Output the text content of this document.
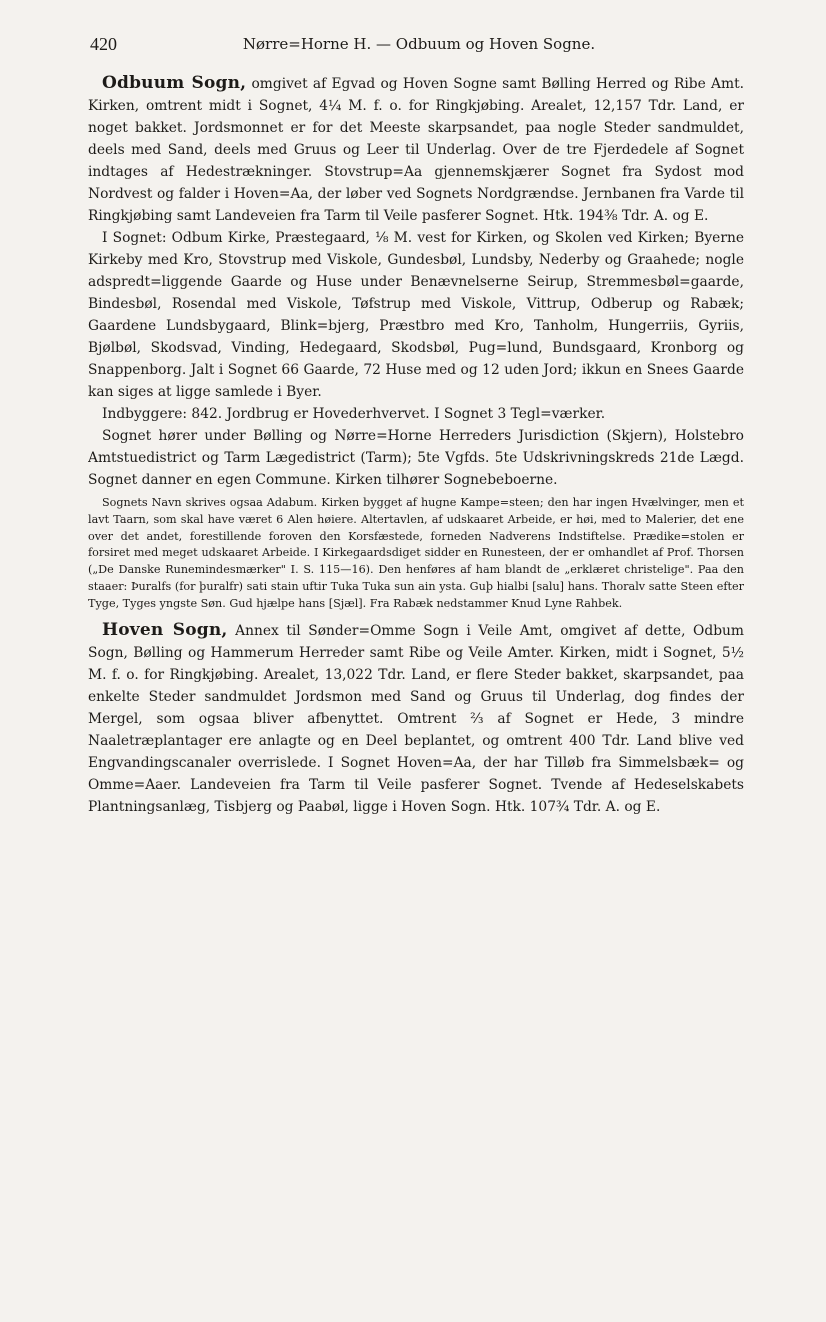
420	Nørre=Horne H. — Odbuum og Hoven Sogne.

Odbuum Sogn, omgivet af Egvad og Hoven Sogne samt Bølling Herred og Ribe Amt. Kirken, omtrent midt i Sognet, 4¼ M. f. o. for Ringkjøbing. Arealet, 12,157 Tdr. Land, er noget bakket. Jordsmonnet er for det Meeste skarpsandet, paa nogle Steder sandmuldet, deels med Sand, deels med Gruus og Leer til Underlag. Over de tre Fjerdedele af Sognet indtages af Hedestrækninger. Stovstrup=Aa gjennemskjærer Sognet fra Sydost mod Nordvest og falder i Hoven=Aa, der løber ved Sognets Nordgrændse. Jernbanen fra Varde til Ringkjøbing samt Landeveien fra Tarm til Veile pasferer Sognet. Htk. 194⅜ Tdr. A. og E.

I Sognet: Odbum Kirke, Præstegaard, ⅛ M. vest for Kirken, og Skolen ved Kirken; Byerne Kirkeby med Kro, Stovstrup med Viskole, Gundesbøl, Lundsby, Nederby og Graahede; nogle adspredt=liggende Gaarde og Huse under Benævnelserne Seirup, Stremmesbøl=gaarde, Bindesbøl, Rosendal med Viskole, Tøfstrup med Viskole, Vittrup, Odberup og Rabæk; Gaardene Lundsbygaard, Blink=bjerg, Præstbro med Kro, Tanholm, Hungerriis, Gyriis, Bjølbøl, Skodsvad, Vinding, Hedegaard, Skodsbøl, Pug=lund, Bundsgaard, Kronborg og Snappenborg. Jalt i Sognet 66 Gaarde, 72 Huse med og 12 uden Jord; ikkun en Snees Gaarde kan siges at ligge samlede i Byer.

Indbyggere: 842. Jordbrug er Hovederhvervet. I Sognet 3 Tegl=værker.

Sognet hører under Bølling og Nørre=Horne Herreders Jurisdiction (Skjern), Holstebro Amtstuedistrict og Tarm Lægedistrict (Tarm); 5te Vgfds. 5te Udskrivningskreds 21de Lægd. Sognet danner en egen Commune. Kirken tilhører Sognebeboerne.

Sognets Navn skrives ogsaa Adabum. Kirken bygget af hugne Kampe=steen; den har ingen Hvælvinger, men et lavt Taarn, som skal have været 6 Alen høiere. Altertavlen, af udskaaret Arbeide, er høi, med to Malerier, det ene over det andet, forestillende foroven den Korsfæstede, forneden Nadverens Indstiftelse. Prædike=stolen er forsiret med meget udskaaret Arbeide. I Kirkegaardsdiget sidder en Runesteen, der er omhandlet af Prof. Thorsen („De Danske Runemindesmærker" I. S. 115—16). Den henføres af ham blandt de „erklæret christelige". Paa den staaer: Þuralfs (for þuralfr) sati stain uftir Tuka Tuka sun ain ysta. Guþ hialbi [salu] hans. Thoralv satte Steen efter Tyge, Tyges yngste Søn. Gud hjælpe hans [Sjæl]. Fra Rabæk nedstammer Knud Lyne Rahbek.

Hoven Sogn, Annex til Sønder=Omme Sogn i Veile Amt, omgivet af dette, Odbum Sogn, Bølling og Hammerum Herreder samt Ribe og Veile Amter. Kirken, midt i Sognet, 5½ M. f. o. for Ringkjøbing. Arealet, 13,022 Tdr. Land, er flere Steder bakket, skarpsandet, paa enkelte Steder sandmuldet Jordsmon med Sand og Gruus til Underlag, dog findes der Mergel, som ogsaa bliver afbenyttet. Omtrent ⅔ af Sognet er Hede, 3 mindre Naaletræplantager ere anlagte og en Deel beplantet, og omtrent 400 Tdr. Land blive ved Engvandingscanaler overrislede. I Sognet Hoven=Aa, der har Tilløb fra Simmelsbæk= og Omme=Aaer. Landeveien fra Tarm til Veile pasferer Sognet. Tvende af Hedeselskabets Plantningsanlæg, Tisbjerg og Paabøl, ligge i Hoven Sogn. Htk. 107¾ Tdr. A. og E.
